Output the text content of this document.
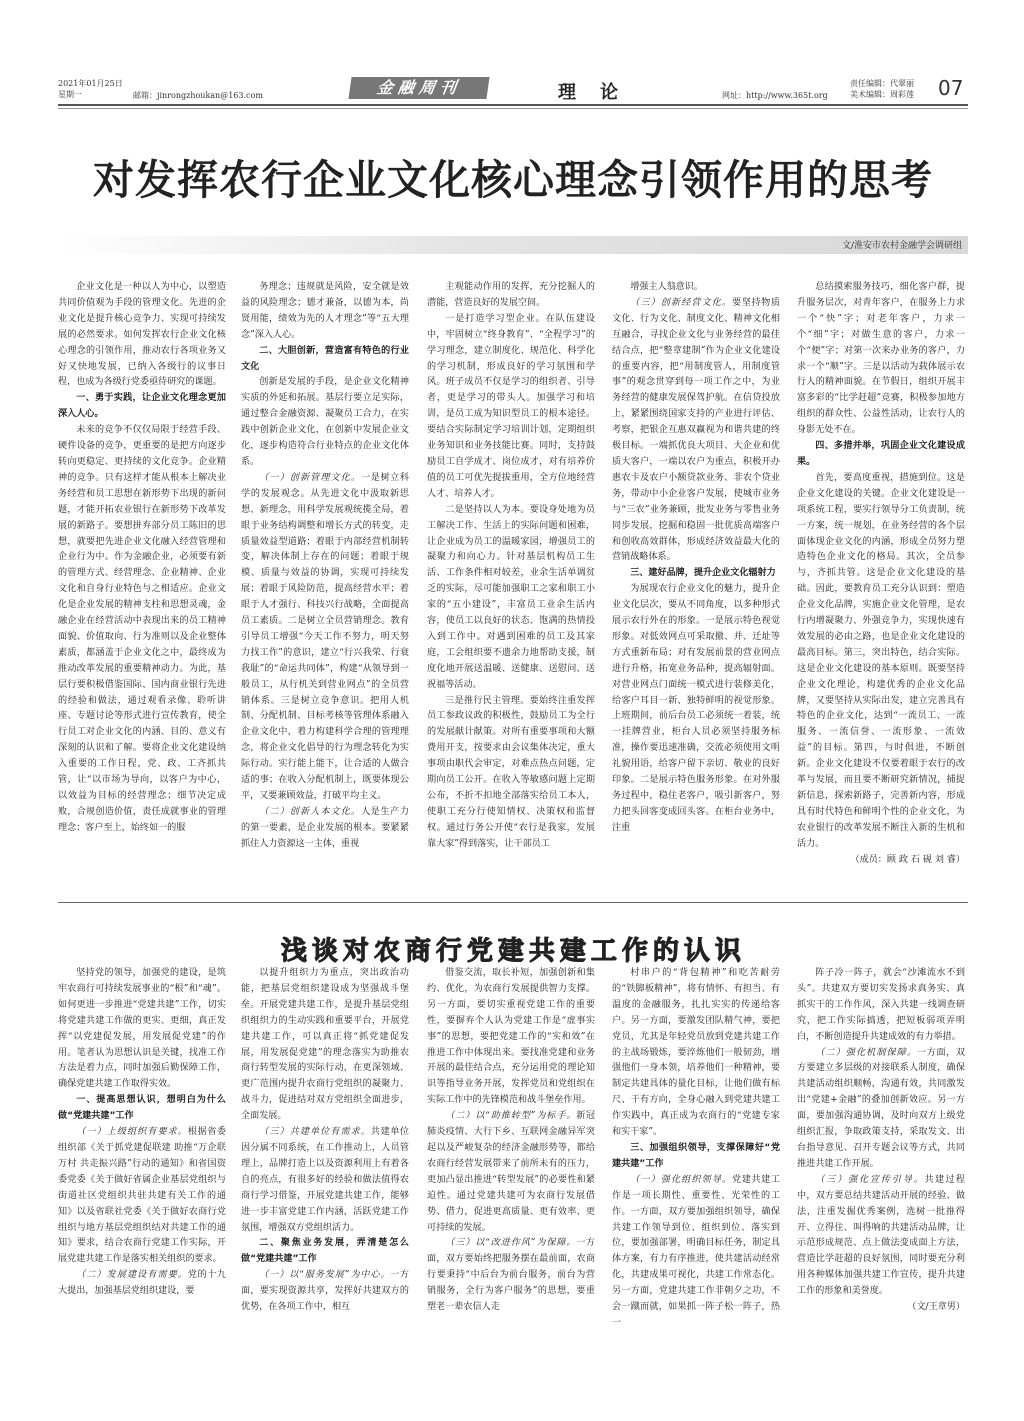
2021年01月25日
星期一	邮箱：jinrongzhoukan@163.com	金融周刊	理论	网址：http://www.365t.org
责任编辑：代翠丽
美术编辑：周彩莲 07
对发挥农行企业文化核心理念引领作用的思考
文/淮安市农村金融学会调研组

企业文化是一种以人为中心，以塑造共同价值观为手段的管理文化。先进的企业文化是提升核心竞争力、实现可持续发展的必然要求。如何发挥农行企业文化核心理念的引领作用，推动农行各项业务又好又快地发展，已纳入各级行的议事日程，也成为各级行党委亟待研究的课题。

一、勇于实践，让企业文化理念更加深入人心。

未来的竞争不仅仅局限于经营手段、硬件设备的竞争，更重要的是把方向逐步转向更稳定、更持续的文化竞争。企业精神的竞争。只有这样才能从根本上解决业务经营和员工思想在新形势下出现的新问题，才能开拓农业银行在新形势下改革发展的新路子。要想拼弃部分员工陈旧的思想，就要把先进企业文化融入经营管理和企业行为中。作为金融企业，必须要有新的管理方式、经营理念、企业精神、企业文化和自身行业特色与之相适应。企业文化是企业发展的精神支柱和思想灵魂，金融企业在经营活动中表现出来的员工精神面貌、价值取向、行为准则以及企业整体素质，都涵盖于企业文化之中，最终成为推动改革发展的重要精神动力。为此，基层行要积极借鉴国际、国内商业银行先进的经验和做法，通过观看录像、聆听讲座、专题讨论等形式进行宣传教育，使全行员工对企业文化的内涵、目的、意义有深刻的认识和了解。要将企业文化建设纳入重要的工作日程，党、政、工齐抓共管，让“以市场为导向，以客户为中心，以效益为目标的经营理念；细节决定成败，合规创造价值，责任成就事业的管理理念；客户至上，始终如一的服

务理念；违规就是风险，安全就是效益的风险理念；德才兼备，以德为本，尚贤用能，绩效为先的人才理念”等“五大理念”深入人心。

二、大胆创新，营造富有特色的行业文化

创新是发展的手段，是企业文化精神实质的外延和拓展。基层行要立足实际，通过整合金融资源、凝聚员工合力，在实践中创新企业文化，在创新中发展企业文化，逐步构造符合行业特点的企业文化体系。

（一）创新管理文化。一是树立科学的发展观念。从先进文化中汲取新思想、新理念，用科学发展观统揽全局，着眼于业务结构调整和增长方式的转变，走质量效益型道路；着眼于内部经营机制转变，解决体制上存在的问题；着眼于规模、质量与效益的协调，实现可持续发展；着眼于风险防范，提高经营水平；着眼于人才强行、科技兴行战略，全面提高员工素质。二是树立全员营销理念。教育引导员工增强“今天工作不努力，明天努力找工作”的意识，建立“行兴我荣、行衰我耻”的“命运共同体”，构建“从领导到一般员工，从行机关到营业网点”的全员营销体系。三是树立竞争意识。把用人机制、分配机制、目标考核等管理体系融入企业文化中，着力构建科学合理的管理理念，将企业文化倡导的行为理念转化为实际行动。实行能上能下，让合适的人做合适的事；在收入分配机制上，既要体现公平，又要兼顾效益，打破平均主义。

（二）创新人本文化。人是生产力的第一要素，是企业发展的根本。要紧紧抓住人力资源这一主体，重视

主观能动作用的发挥，充分挖掘人的潜能，营造良好的发展空间。

一是打造学习型企业。在队伍建设中，牢固树立“终身教育”、“全程学习”的学习理念，建立制度化、规范化、科学化的学习机制，形成良好的学习氛围和学风。班子成员不仅是学习的组织者、引导者，更是学习的带头人。加强学习和培训，是员工成为知识型员工的根本途径。要结合实际制定学习培训计划，定期组织业务知识和业务技能比赛。同时，支持鼓励员工自学成才、岗位成才，对有培养价值的员工可优先提拔重用，全方位地经营人才、培养人才。

二是坚持以人为本。要设身处地为员工解决工作、生活上的实际问题和困难，让企业成为员工的温暖家园，增强员工的凝聚力和向心力。针对基层机构员工生活、工作条件相对较差，业余生活单调贫乏的实际，尽可能加强职工之家和职工小家的“五小建设”，丰富员工业余生活内容，使员工以良好的状态、饱满的热情投入到工作中。对遇到困难的员工及其家庭，工会组织要不遗余力地帮助支援，制度化地开展送温暖、送健康、送慰问、送祝福等活动。

三是推行民主管理。要始终注重发挥员工参政议政的积极性，鼓励员工为全行的发展献计献策。对所有重要事项和大额费用开支，按要求由会议集体决定，重大事项由职代会审定，对难点热点问题，定期向员工公开。在收入等敏感问题上定期公布，不折不扣地全部落实给员工本人，使职工充分行使知情权、决策权和监督权。通过行务公开使“农行是我家，发展靠大家”得到落实，让干部员工

增强主人翁意识。

（三）创新经营文化。要坚持物质文化、行为文化、制度文化、精神文化相互融合，寻找企业文化与业务经营的最佳结合点，把“整章建制”作为企业文化建设的重要内容，把“用制度管人，用制度管事”的观念贯穿到每一项工作之中，为业务经营的健康发展保驾护航。在信贷投放上，紧紧围绕国家支持的产业进行评估、考察，把银企互惠双赢视为和谐共建的终极目标。一端抓优良大项目、大企业和优质大客户，一端以农户为重点，积极开办惠农卡及农户小额贷款业务、非农个贷业务，带动中小企业客户发展，使城市业务与“三农”业务兼顾，批发业务与零售业务同步发展，挖掘和稳固一批优质高端客户和创收高效群体，形成经济效益最大化的营销战略体系。

三、建好品牌，提升企业文化辐射力

为展现农行企业文化的魅力，提升企业文化层次，要从不同角度，以多种形式展示农行外在的形象。一是展示特色视觉形象。对低效网点可采取撤、并、迁址等方式重新布局；对有发展前景的营业网点进行升格，拓宽业务品种，提高辐射面。对营业网点门面统一模式进行装修美化，给客户耳目一新、独特鲜明的视觉形象。上班期间，前后台员工必须统一着装，统一挂牌营业，柜台人员必须坚持服务标准，操作要迅速准确，交流必须使用文明礼貌用语，给客户留下亲切、敬业的良好印象。二是展示特色服务形象。在对外服务过程中，稳住老客户，吸引新客户，努力把头回客变成回头客。在柜台业务中，注重

总结摸索服务技巧，细化客户群，提升服务层次，对青年客户，在服务上力求一个“快”字；对老年客户，力求一个“细”字；对做生意的客户，力求一个“便”字；对第一次来办业务的客户，力求一个“顺”字。三是以活动为载体展示农行人的精神面貌。在节假日，组织开展丰富多彩的“比学赶超”竞赛，积极参加地方组织的群众性、公益性活动，让农行人的身影无处不在。

四、多措并举，巩固企业文化建设成果。

首先，要高度重视，措施到位。这是企业文化建设的关键。企业文化建设是一项系统工程，要实行领导分工负责制，统一方案，统一规划，在业务经营的各个层面体现企业文化的内涵，形成全员努力塑造特色企业文化的格局。其次，全员参与，齐抓共管。这是企业文化建设的基础。因此，要教育员工充分认识到：塑造企业文化品牌，实施企业文化管理，是农行内增凝聚力、外强竞争力，实现快速有效发展的必由之路，也是企业文化建设的最高目标。第三，突出特色，结合实际。这是企业文化建设的基本原则。既要坚持企业文化理论，构建优秀的企业文化品牌，又要坚持从实际出发，建立完善具有特色的企业文化，达到“一流员工、一流服务、一流信誉、一流形象、一流效益”的目标。第四，与时俱进，不断创新。企业文化建设不仅要着眼于农行的改革与发展，而且要不断研究新情况，捕捉新信息，探索新路子，完善新内容，形成具有时代特色和鲜明个性的企业文化，为农业银行的改革发展不断注入新的生机和活力。

（成员：顾 政 石 砚 刘 睿）

浅谈对农商行党建共建工作的认识

坚持党的领导，加强党的建设，是筑牢农商行可持续发展事业的“根”和“魂”。如何更进一步推进“党建共建”工作，切实将党建共建工作做的更实、更细，真正发挥“以党建促发展，用发展促党建”的作用。笔者认为思想认识是关键，找准工作方法是着力点，同时加强后勤保障工作，确保党建共建工作取得实效。

一、提高思想认识，想明白为什么做“党建共建”工作

（一）上级组织有要求。根据省委组织部《关于抓党建促联建 助推“万企联万村 共走振兴路”行动的通知》和省国资委党委《关于做好省属企业基层党组织与街道社区党组织共驻共建有关工作的通知》以及省联社党委《关于做好农商行党组织与地方基层党组织结对共建工作的通知》要求，结合农商行党建工作实际，开展党建共建工作是落实相关组织的要求。

（二）发展建设有需要。党的十九大提出，加强基层党组织建设，要

以提升组织力为重点，突出政治功能，把基层党组织建设成为坚强战斗堡垒。开展党建共建工作，是提升基层党组织组织力的生动实践和重要平台，开展党建共建工作，可以真正将“抓党建促发展，用发展促党建”的理念落实为助推农商行转型发展的实际行动，在更深领域、更广范围内提升农商行党组织的凝聚力、战斗力，促进结对双方党组织全面进步，全面发展。

（三）共建单位有需求。共建单位因分属不同系统，在工作推动上，人员管理上，品牌打造上以及资源利用上有着各自的亮点，有很多好的经验和做法值得农商行学习借鉴，开展党建共建工作，能够进一步丰富党建工作内涵，活跃党建工作氛围，增强双方党组织活力。

二、聚焦业务发展，弄清楚怎么做“党建共建”工作

（一）以“服务发展”为中心。一方面，要实现资源共享，发挥好共建双方的优势，在各项工作中，相互

借鉴交流，取长补短，加强创新和集约、优化，为农商行发展提供智力支撑。另一方面，要切实重视党建工作的重要性，要摒弃个人认为党建工作是“虚事实事”的思想，要把党建工作的“实和效”在推进工作中体现出来。要找准党建和业务开展的最佳结合点，充分运用党的理论知识等指导业务开展，发挥党员和党组织在实际工作中的先锋模范和战斗堡垒作用。

（二）以“助推转型”为标手。新冠肺炎疫情、大行下乡、互联网金融异军突起以及严峻复杂的经济金融形势等，都给农商行经营发展带来了前所未有的压力，更加凸显出推进“转型发展”的必要性和紧迫性。通过党建共建可为农商行发展借势、借力，促进更高质量、更有效率、更可持续的发展。

（三）以“改进作风”为保障。一方面，双方要始终把服务摆在最前面，农商行要秉持“中后台为前台服务，前台为营销服务，全行为客户服务”的思想，要重塑老一辈农信人走

村串户的“背包精神”和吃苦耐劳的“铁脚板精神”，将有情怀、有担当、有温度的金融服务，扎扎实实的传递给客户。另一方面，要激发团队精气神，要把党员，尤其是年轻党员放到党建共建工作的主战场锻炼，要淬炼他们一般韧劲，增强他们一身本领，培养他们一种精神，要制定共建具体的量化目标，让他们做有标尺、干有方向，全身心融入到党建共建工作实践中，真正成为农商行的“党建专家和实干家”。

三、加强组织领导，支撑保障好“党建共建”工作

（一）强化组织领导。党建共建工作是一项长期性、重要性、光荣性的工作。一方面，双方要加强组织领导，确保共建工作领导到位、组织到位、落实到位，要加强部署，明确目标任务，制定具体方案，有力有序推进，使共建活动经常化，共建成果可视化，共建工作常态化。另一方面，党建共建工作非朝夕之功，不会一蹴而就，如果抓一阵子松一阵子，热一

阵子冷一阵子，就会“沙滩流水不到头”。共建双方要切实发扬求真务实、真抓实干的工作作风，深入共建一线调查研究，把工作实际搞透，把短板弱项弄明白，不断创造提升共建成效的有力举措。

（二）强化机制保障。一方面，双方要建立多层级的对接联系人制度，确保共建活动组织顺畅，沟通有效，共同激发出“党建+金融”的叠加创新效应。另一方面，要加强沟通协调，及时向双方上级党组织汇报，争取政策支持，采取发文、出台指导意见、召开专题会议等方式，共同推进共建工作开展。

（三）强化宣传引导。共建过程中，双方要总结共建活动开展的经验、做法，注重发掘优秀案例，选树一批推得开、立得住、叫得响的共建活动品牌，让示范形成规范、点上做法变成面上方法，营造比学赶超的良好氛围，同时要充分利用各种媒体加强共建工作宣传，提升共建工作的形象和美誉度。

（文/王章男）
